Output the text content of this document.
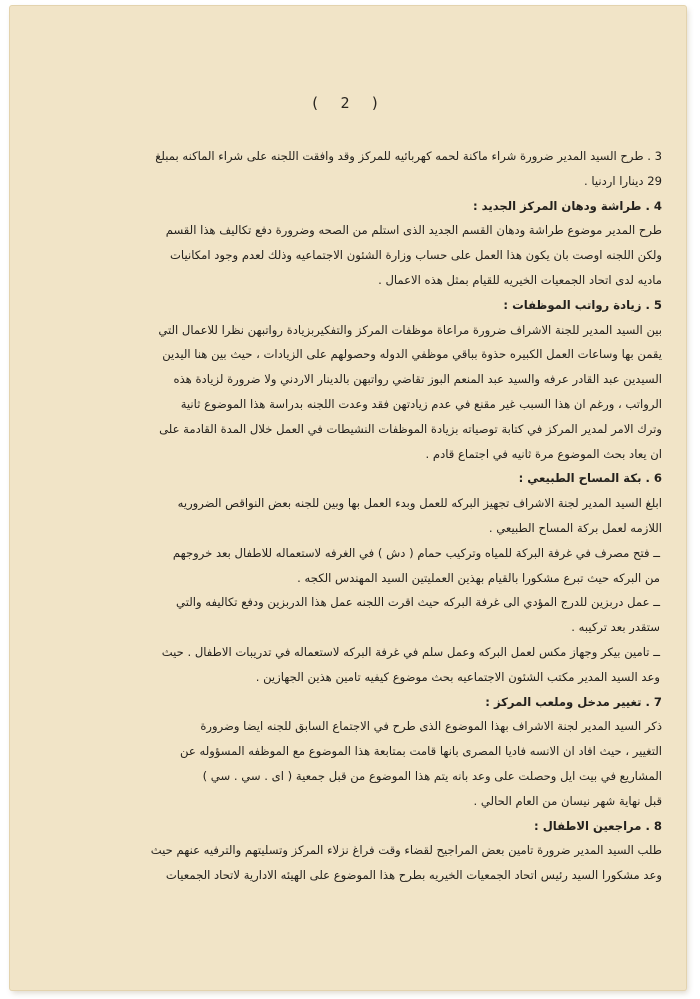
( 2 )

3 . طرح السيد المدير ضرورة شراء ماكنة لحمه كهربائيه للمركز وقد وافقت اللجنه على شراء الماكنه بمبلغ

29 دينارا اردنيا .

4 . طراشة ودهان المركز الجديد :

طرح المدير موضوع طراشة ودهان القسم الجديد الذى استلم من الصحه وضرورة دفع تكاليف هذا القسم

ولكن اللجنه اوصت بان يكون هذا العمل على حساب وزارة الشئون الاجتماعيه وذلك لعدم وجود امكانيات

ماديه لدى اتحاد الجمعيات الخيريه للقيام بمثل هذه الاعمال .

5 . زيادة رواتب الموظفات :

بين السيد المدير للجنة الاشراف ضرورة مراعاة موظفات المركز والتفكيربزيادة رواتبهن نظرا للاعمال التي

يقمن بها وساعات العمل الكبيره حذوة بباقي موظفي الدوله وحصولهم على الزيادات ، حيث بين هنا اليدين

السيدين عبد القادر عرفه والسيد عبد المنعم البوز تقاضي رواتبهن بالدينار الاردني ولا ضرورة لزيادة هذه

الرواتب ، ورغم ان هذا السبب غير مقنع في عدم زيادتهن فقد وعدت اللجنه بدراسة هذا الموضوع ثانية

وترك الامر لمدير المركز في كتابة توصياته بزيادة الموظفات النشيطات في العمل خلال المدة القادمة على

ان يعاد بحث الموضوع مرة ثانيه في اجتماع قادم .

6 . بكة المساح الطبيعي :

ابلغ السيد المدير لجنة الاشراف تجهيز البركه للعمل وبدء العمل بها وبين للجنه بعض النواقص الضروريه

اللازمه لعمل بركة المساح الطبيعي .

ــ فتح مصرف في غرفة البركة للمياه وتركيب حمام ( دش ) في الغرفه لاستعماله للاطفال بعد خروجهم

من البركه حيث تبرع مشكورا بالقيام بهذين العمليتين السيد المهندس الكجه .

ــ عمل دربزين للدرج المؤدي الى غرفة البركه حيث اقرت اللجنه عمل هذا الدربزين ودفع تكاليفه والتي

ستقدر بعد تركيبه .

ــ تامين بيكر وجهاز مكس لعمل البركه وعمل سلم في غرفة البركه لاستعماله في تدريبات الاطفال . حيث

وعد السيد المدير مكتب الشئون الاجتماعيه بحث موضوع كيفيه تامين هذين الجهازين .

7 . تغيير مدخل وملعب المركز :

ذكر السيد المدير لجنة الاشراف بهذا الموضوع الذى طرح في الاجتماع السابق للجنه ايضا وضرورة

التغيير ، حيث افاد ان الانسه فاديا المصرى بانها قامت بمتابعة هذا الموضوع مع الموظفه المسؤوله عن

المشاريع في بيت ايل وحصلت على وعد بانه يتم هذا الموضوع من قبل جمعية ( اى . سي . سي )

قبل نهاية شهر نيسان من العام الحالي .

8 . مراجعين الاطفال :

طلب السيد المدير ضرورة تامين بعض المراجيح لقضاء وقت فراغ نزلاء المركز وتسليتهم والترفيه عنهم حيث

وعد مشكورا السيد رئيس اتحاد الجمعيات الخيريه بطرح هذا الموضوع على الهيئه الادارية لاتحاد الجمعيات
